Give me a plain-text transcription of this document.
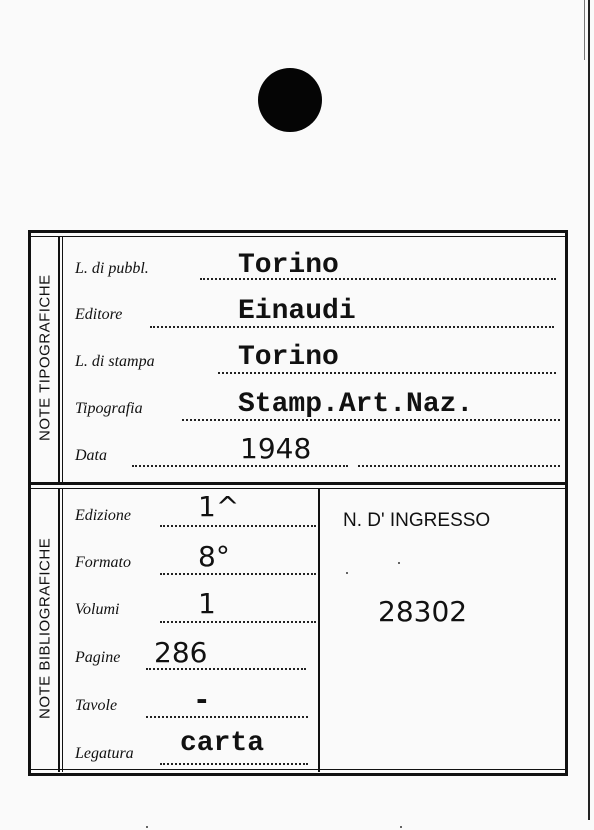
NOTE TIPOGRAFICHE
NOTE BIBLIOGRAFICHE
L. di pubbl.	Torino
Editore	Einaudi
L. di stampa	Torino
Tipografia	Stamp.Art.Naz.
Data	1948
Edizione 1^
Formato 8°
Volumi	1
Pagine 286
Tavole	-
Legatura carta
N. D' INGRESSO
28302
